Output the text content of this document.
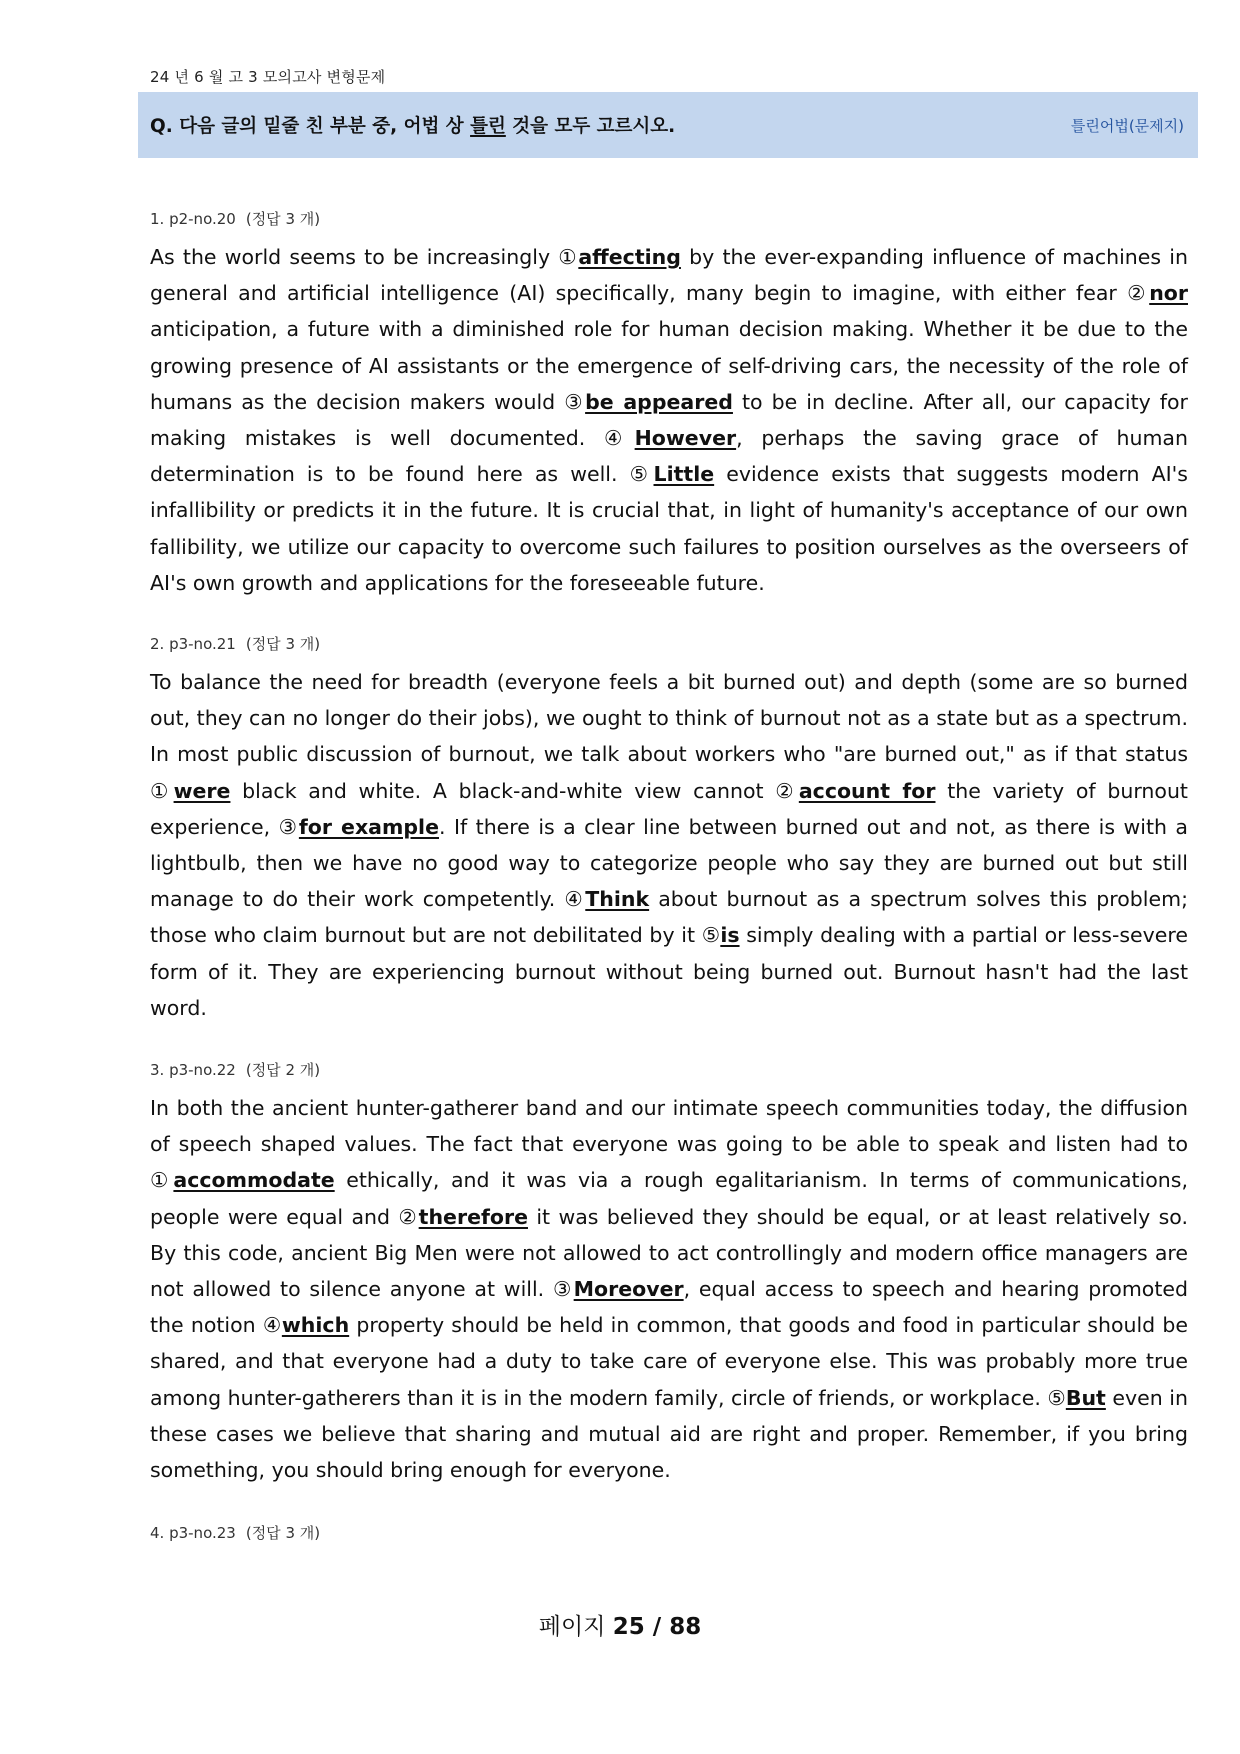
24 년 6 월 고 3 모의고사 변형문제
Q. 다음 글의 밑줄 친 부분 중, 어법 상 틀린 것을 모두 고르시오.	틀린어법(문제지)
1. p2-no.20 (정답 3 개)

As the world seems to be increasingly ①affecting by the ever-expanding influence of machines in general and artificial intelligence (AI) specifically, many begin to imagine, with either fear ②nor anticipation, a future with a diminished role for human decision making. Whether it be due to the growing presence of AI assistants or the emergence of self-driving cars, the necessity of the role of humans as the decision makers would ③be appeared to be in decline. After all, our capacity for making mistakes is well documented. ④However, perhaps the saving grace of human determination is to be found here as well. ⑤Little evidence exists that suggests modern AI's infallibility or predicts it in the future. It is crucial that, in light of humanity's acceptance of our own fallibility, we utilize our capacity to overcome such failures to position ourselves as the overseers of AI's own growth and applications for the foreseeable future.

2. p3-no.21 (정답 3 개)

To balance the need for breadth (everyone feels a bit burned out) and depth (some are so burned out, they can no longer do their jobs), we ought to think of burnout not as a state but as a spectrum. In most public discussion of burnout, we talk about workers who "are burned out," as if that status ①were black and white. A black-and-white view cannot ②account for the variety of burnout experience, ③for example. If there is a clear line between burned out and not, as there is with a lightbulb, then we have no good way to categorize people who say they are burned out but still manage to do their work competently. ④Think about burnout as a spectrum solves this problem; those who claim burnout but are not debilitated by it ⑤is simply dealing with a partial or less-severe form of it. They are experiencing burnout without being burned out. Burnout hasn't had the last word.

3. p3-no.22 (정답 2 개)

In both the ancient hunter-gatherer band and our intimate speech communities today, the diffusion of speech shaped values. The fact that everyone was going to be able to speak and listen had to ①accommodate ethically, and it was via a rough egalitarianism. In terms of communications, people were equal and ②therefore it was believed they should be equal, or at least relatively so. By this code, ancient Big Men were not allowed to act controllingly and modern office managers are not allowed to silence anyone at will. ③Moreover, equal access to speech and hearing promoted the notion ④which property should be held in common, that goods and food in particular should be shared, and that everyone had a duty to take care of everyone else. This was probably more true among hunter-gatherers than it is in the modern family, circle of friends, or workplace. ⑤But even in these cases we believe that sharing and mutual aid are right and proper. Remember, if you bring something, you should bring enough for everyone.

4. p3-no.23 (정답 3 개)
페이지 25 / 88
